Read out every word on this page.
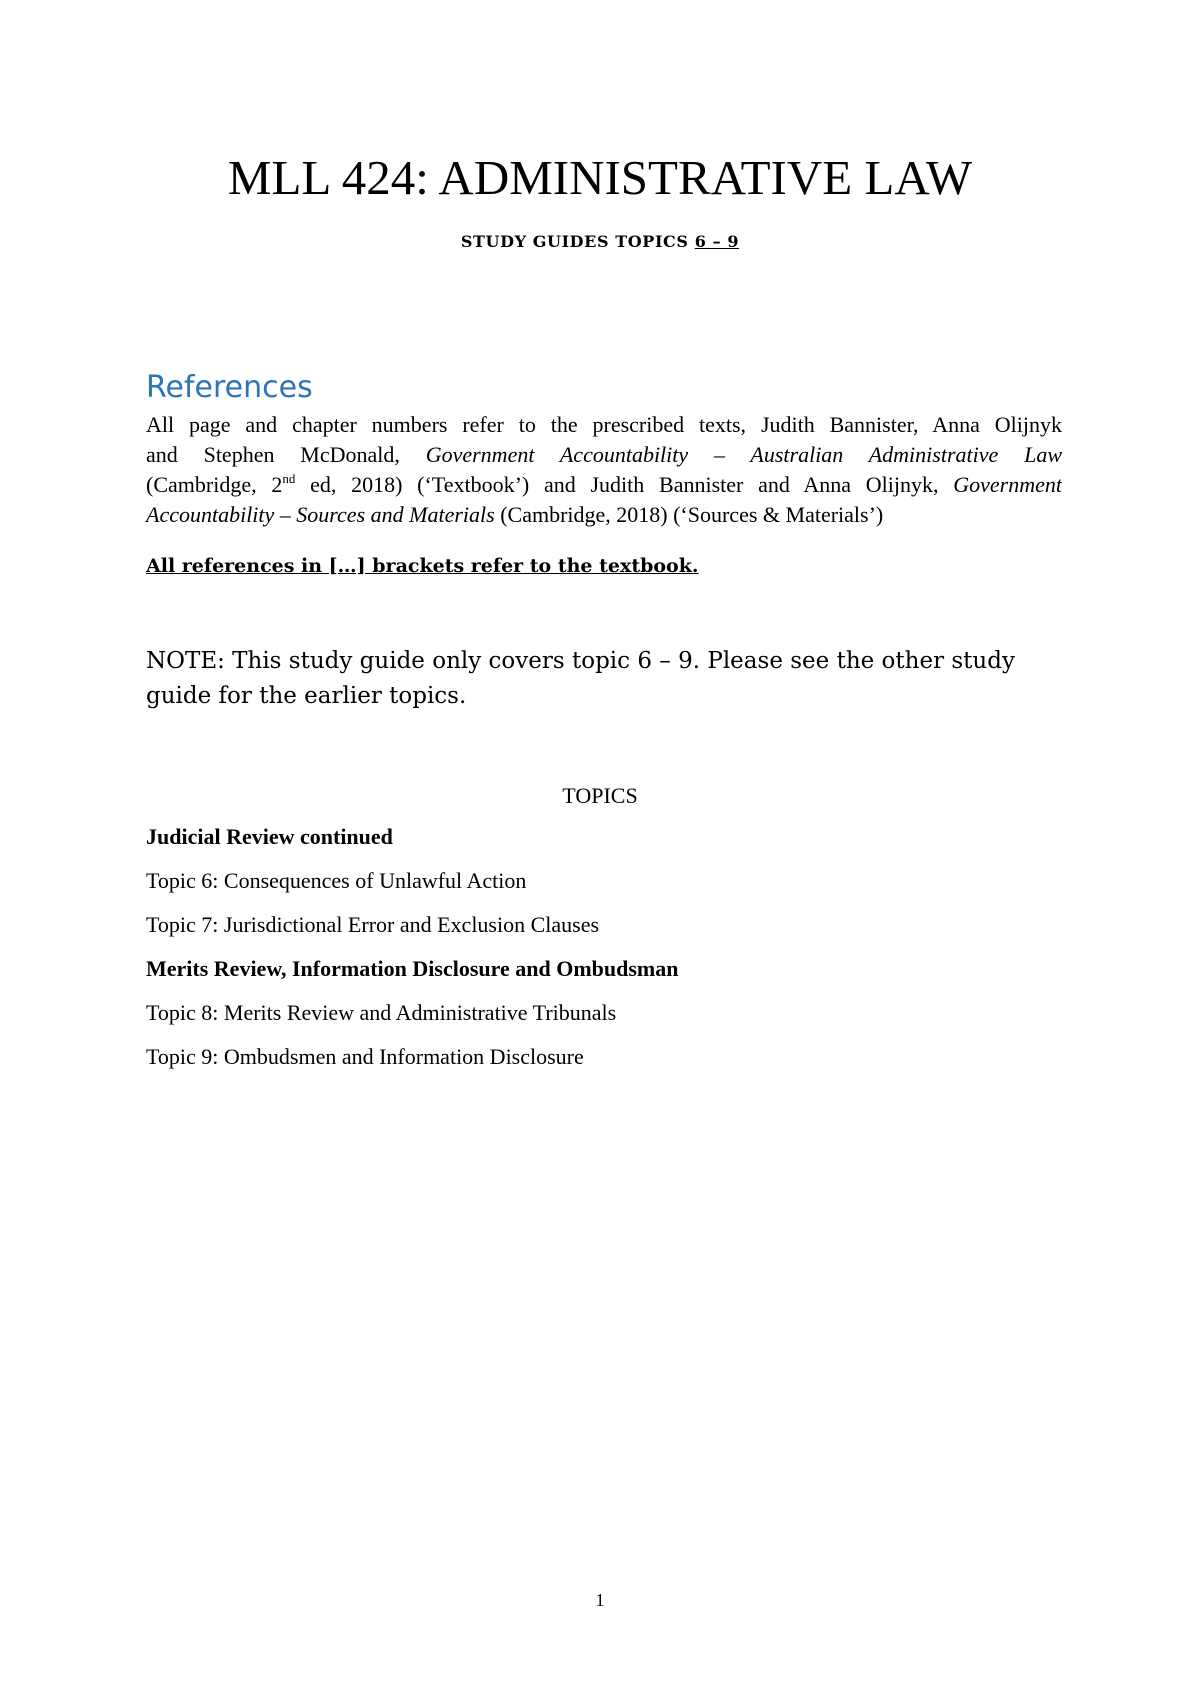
MLL 424: ADMINISTRATIVE LAW
STUDY GUIDES TOPICS 6 – 9
References
All page and chapter numbers refer to the prescribed texts, Judith Bannister, Anna Olijnyk
and Stephen McDonald, Government Accountability – Australian Administrative Law
(Cambridge, 2nd ed, 2018) (‘Textbook’) and Judith Bannister and Anna Olijnyk, Government
Accountability – Sources and Materials (Cambridge, 2018) (‘Sources & Materials’)
All references in […] brackets refer to the textbook.
NOTE: This study guide only covers topic 6 – 9. Please see the other study
guide for the earlier topics.
TOPICS
Judicial Review continued
Topic 6: Consequences of Unlawful Action
Topic 7: Jurisdictional Error and Exclusion Clauses
Merits Review, Information Disclosure and Ombudsman
Topic 8: Merits Review and Administrative Tribunals
Topic 9: Ombudsmen and Information Disclosure
1
